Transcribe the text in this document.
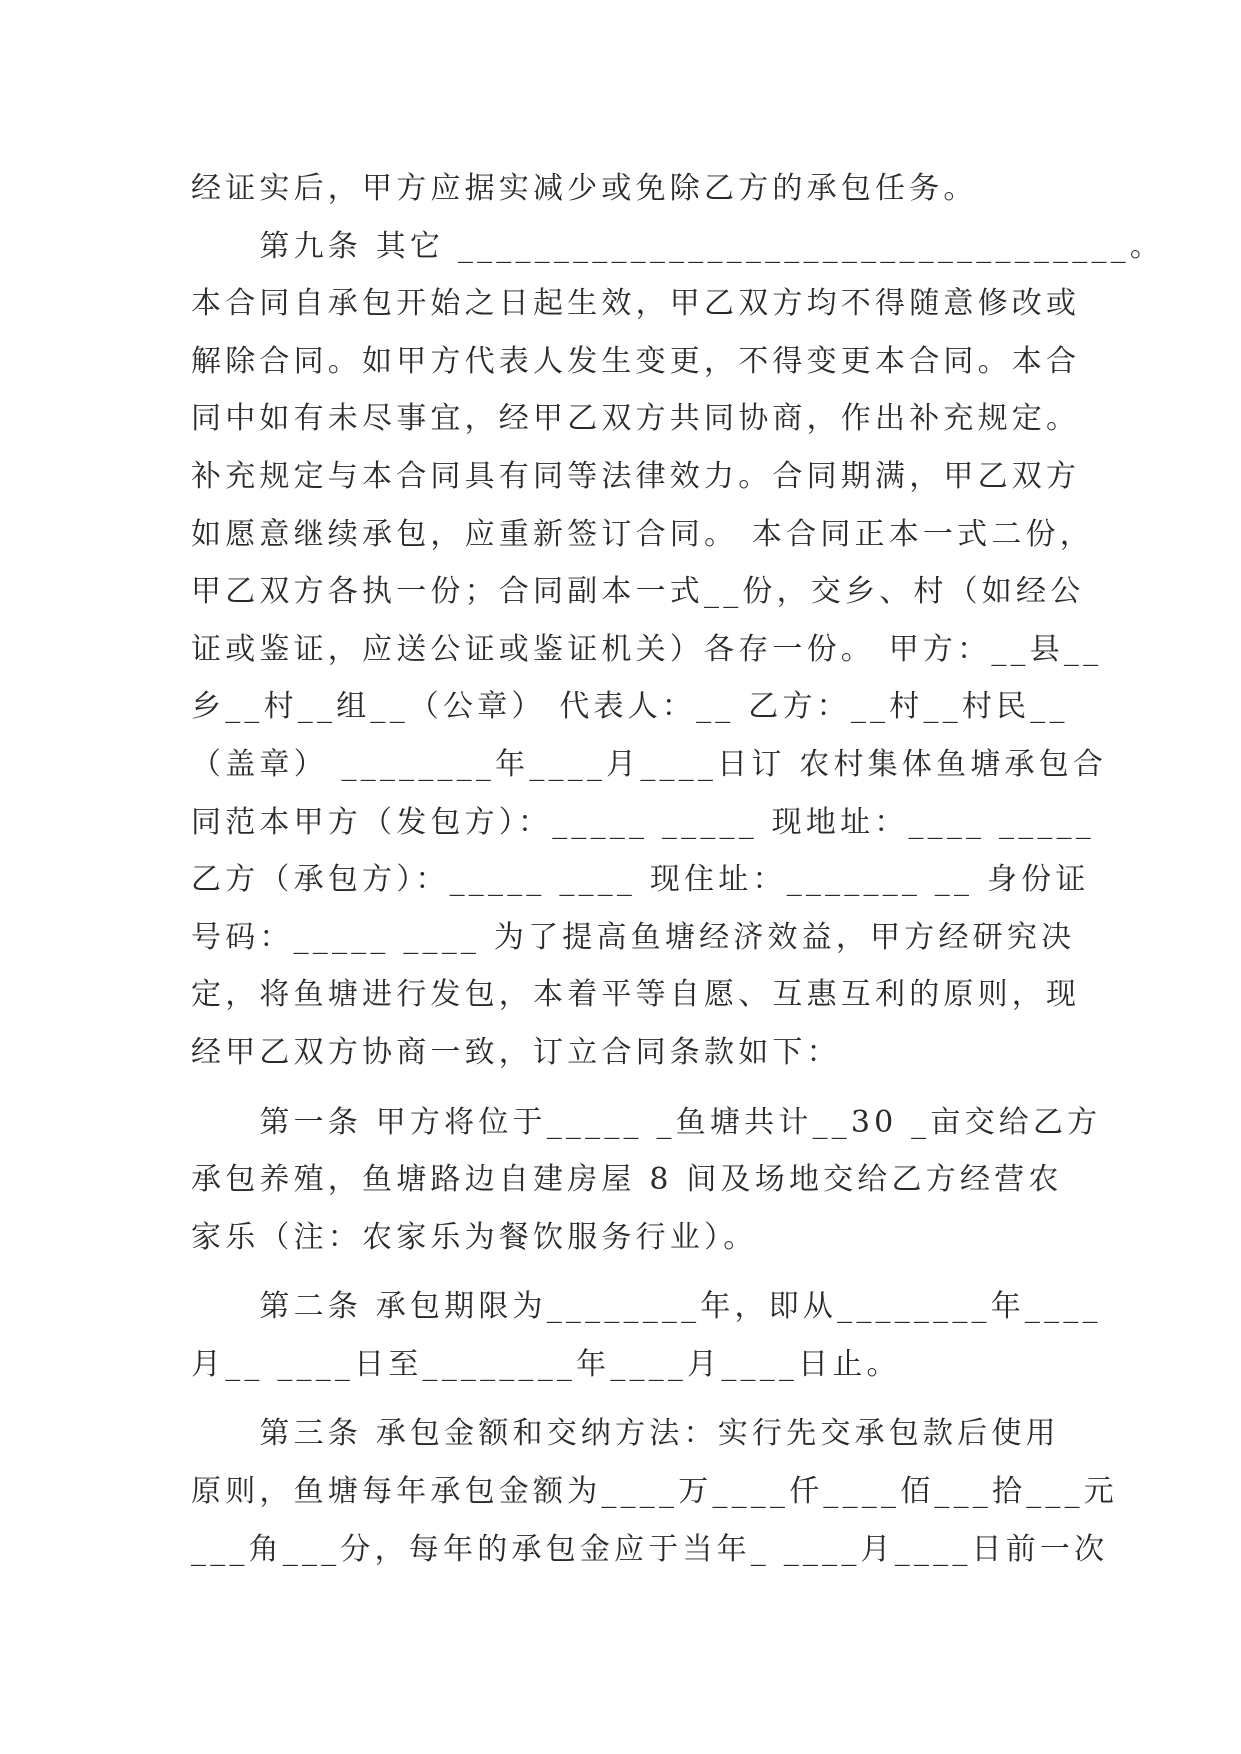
经证实后，甲方应据实减少或免除乙方的承包任务。
　　第九条 其它 ___________________________________。
本合同自承包开始之日起生效，甲乙双方均不得随意修改或
解除合同。如甲方代表人发生变更，不得变更本合同。本合
同中如有未尽事宜，经甲乙双方共同协商，作出补充规定。
补充规定与本合同具有同等法律效力。合同期满，甲乙双方
如愿意继续承包，应重新签订合同。 本合同正本一式二份，
甲乙双方各执一份；合同副本一式__份，交乡、村（如经公
证或鉴证，应送公证或鉴证机关）各存一份。 甲方：__县__
乡__村__组__（公章） 代表人：__ 乙方：__村__村民__
（盖章） ________年____月____日订 农村集体鱼塘承包合
同范本甲方（发包方）：_____ _____ 现地址：____ _____
乙方（承包方）：_____ ____ 现住址：_______ __ 身份证
号码：_____ ____ 为了提高鱼塘经济效益，甲方经研究决
定，将鱼塘进行发包，本着平等自愿、互惠互利的原则，现
经甲乙双方协商一致，订立合同条款如下：
　　第一条 甲方将位于_____ _鱼塘共计__30 _亩交给乙方
承包养殖，鱼塘路边自建房屋 8 间及场地交给乙方经营农
家乐（注：农家乐为餐饮服务行业）。
　　第二条 承包期限为________年，即从________年____
月__ ____日至________年____月____日止。
　　第三条 承包金额和交纳方法：实行先交承包款后使用
原则，鱼塘每年承包金额为____万____仟____佰___拾___元
___角___分，每年的承包金应于当年_ ____月____日前一次
